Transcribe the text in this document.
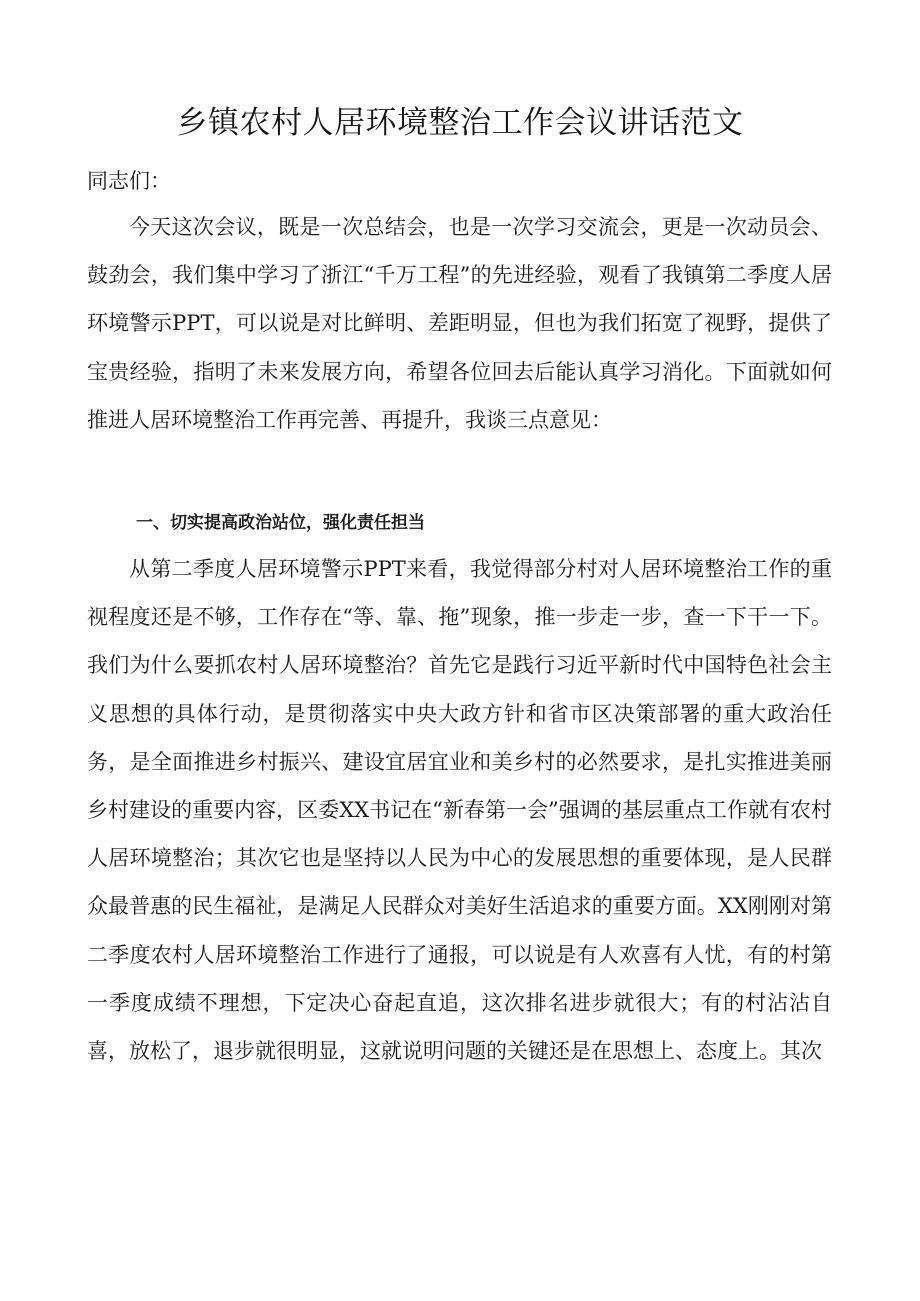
乡镇农村人居环境整治工作会议讲话范文

同志们：

今天这次会议，既是一次总结会，也是一次学习交流会，更是一次动员会、鼓劲会，我们集中学习了浙江“千万工程”的先进经验，观看了我镇第二季度人居环境警示PPT，可以说是对比鲜明、差距明显，但也为我们拓宽了视野，提供了宝贵经验，指明了未来发展方向，希望各位回去后能认真学习消化。下面就如何推进人居环境整治工作再完善、再提升，我谈三点意见：

一、切实提高政治站位，强化责任担当

从第二季度人居环境警示PPT来看，我觉得部分村对人居环境整治工作的重视程度还是不够，工作存在“等、靠、拖”现象，推一步走一步，查一下干一下。我们为什么要抓农村人居环境整治？首先它是践行习近平新时代中国特色社会主义思想的具体行动，是贯彻落实中央大政方针和省市区决策部署的重大政治任务，是全面推进乡村振兴、建设宜居宜业和美乡村的必然要求，是扎实推进美丽乡村建设的重要内容，区委XX书记在“新春第一会”强调的基层重点工作就有农村人居环境整治；其次它也是坚持以人民为中心的发展思想的重要体现，是人民群众最普惠的民生福祉，是满足人民群众对美好生活追求的重要方面。XX刚刚对第二季度农村人居环境整治工作进行了通报，可以说是有人欢喜有人忧，有的村第一季度成绩不理想，下定决心奋起直追，这次排名进步就很大；有的村沾沾自喜，放松了，退步就很明显，这就说明问题的关键还是在思想上、态度上。其次
